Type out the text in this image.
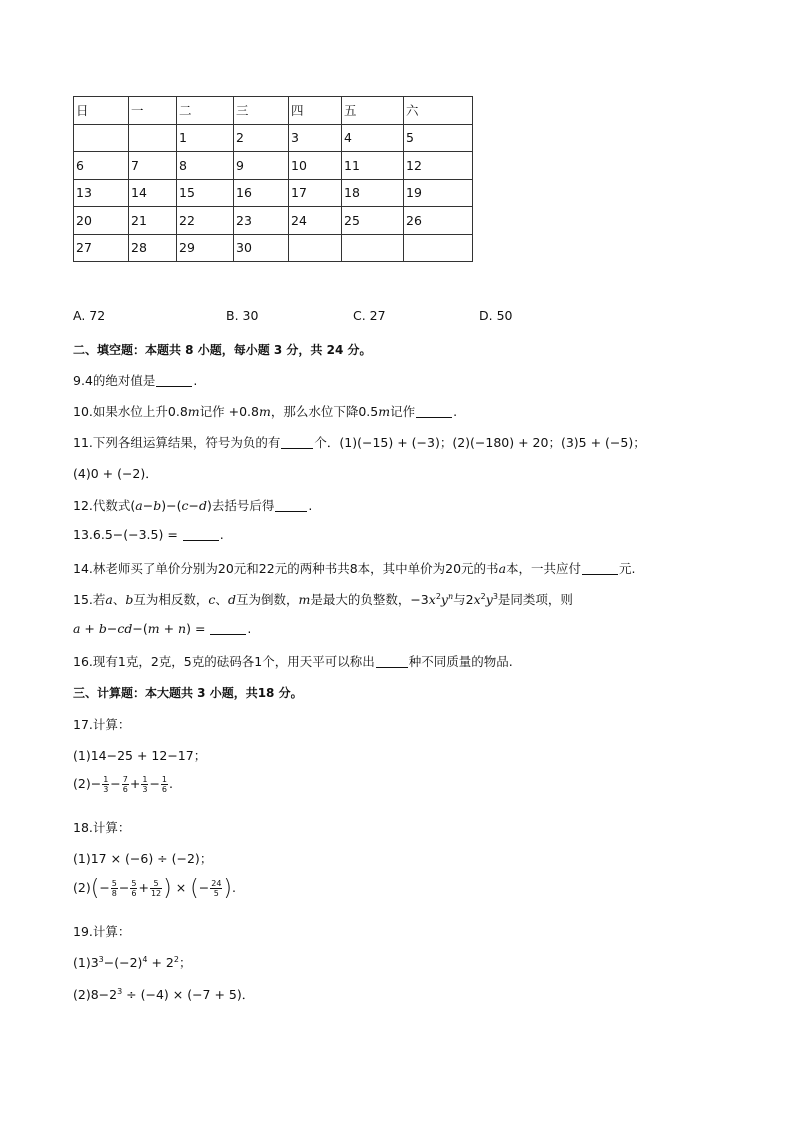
日	一	二	三	四	五	六
		1	2	3	4	5
6	7	8	9	10	11	12
13	14	15	16	17	18	19
20	21	22	23	24	25	26
27	28	29	30			
A. 72	B. 30	C. 27	D. 50
二、填空题：本题共 8 小题，每小题 3 分，共 24 分。
9.4的绝对值是	.
10.如果水位上升0.8m记作 +0.8m，那么水位下降0.5m记作	.
11.下列各组运算结果，符号为负的有	个．(1)(−15) + (−3)；(2)(−180) + 20；(3)5 + (−5)；
(4)0 + (−2)．
12.代数式(a−b)−(c−d)去括号后得	.
13.6.5−(−3.5) =	.
14.林老师买了单价分别为20元和22元的两种书共8本，其中单价为20元的书a本，一共应付	元.
15.若a、b互为相反数，c、d互为倒数，m是最大的负整数，$-3x^2y^n$与$2x^2y^3$是同类项，则
a + b−cd−(m + n) =	.
16.现有1克，2克，5克的砝码各1个，用天平可以称出	种不同质量的物品.
三、计算题：本大题共 3 小题，共18 分。
17.计算：
(1)14−25 + 12−17；
$(2)- \frac{1}{3} - \frac{7}{6} + \frac{1}{3} - \frac{1}{6}$ .
18.计算：
(1)17 × (−6) ÷ (−2)；
$(2)(- \frac{5}{8} - \frac{5}{6} + \frac{5}{12}$ ) × (− $\frac{24}{5}$ ).
19.计算：
$(1)3^3-(-2)^4 + 2^2$；
$(2)8-2^3 \div (-4) \times (-7 + 5)$．
